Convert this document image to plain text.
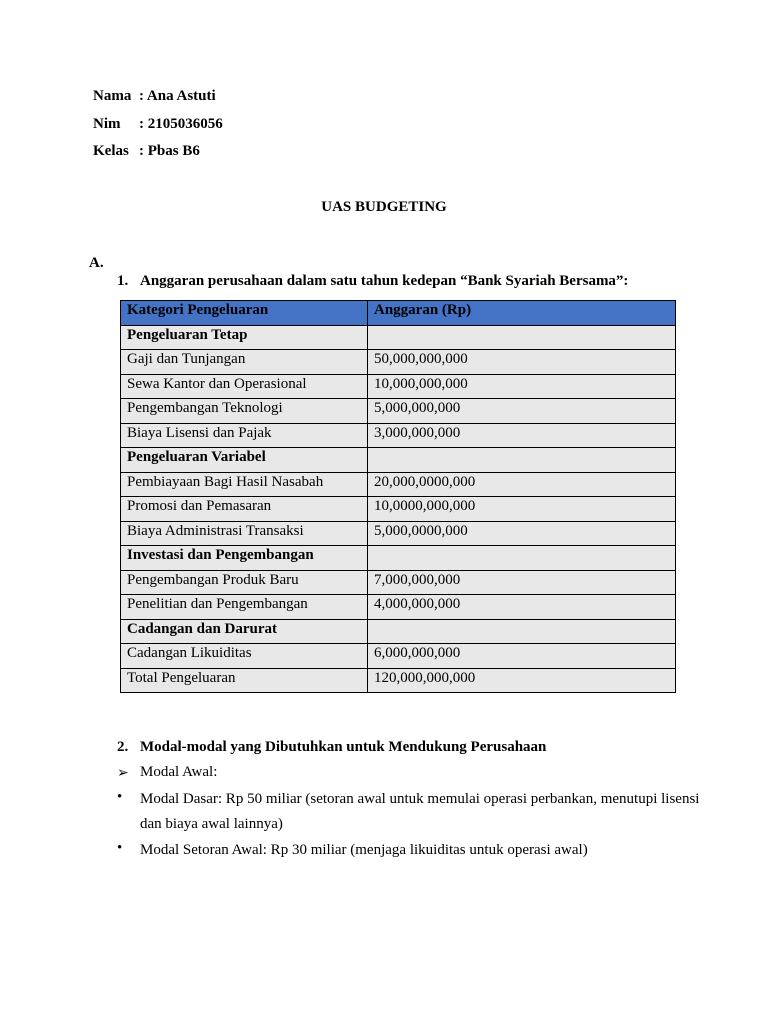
Nama : Ana Astuti
Nim : 2105036056
Kelas : Pbas B6
UAS BUDGETING
A.
1. Anggaran perusahaan dalam satu tahun kedepan “Bank Syariah Bersama”:
Kategori Pengeluaran	Anggaran (Rp)
Pengeluaran Tetap	
Gaji dan Tunjangan	50,000,000,000
Sewa Kantor dan Operasional	10,000,000,000
Pengembangan Teknologi	5,000,000,000
Biaya Lisensi dan Pajak	3,000,000,000
Pengeluaran Variabel	
Pembiayaan Bagi Hasil Nasabah	20,000,0000,000
Promosi dan Pemasaran	10,0000,000,000
Biaya Administrasi Transaksi	5,000,0000,000
Investasi dan Pengembangan	
Pengembangan Produk Baru	7,000,000,000
Penelitian dan Pengembangan	4,000,000,000
Cadangan dan Darurat	
Cadangan Likuiditas	6,000,000,000
Total Pengeluaran	120,000,000,000
2. Modal-modal yang Dibutuhkan untuk Mendukung Perusahaan
➢ Modal Awal:
• Modal Dasar: Rp 50 miliar (setoran awal untuk memulai operasi perbankan, menutupi lisensi dan biaya awal lainnya)
• Modal Setoran Awal: Rp 30 miliar (menjaga likuiditas untuk operasi awal)
